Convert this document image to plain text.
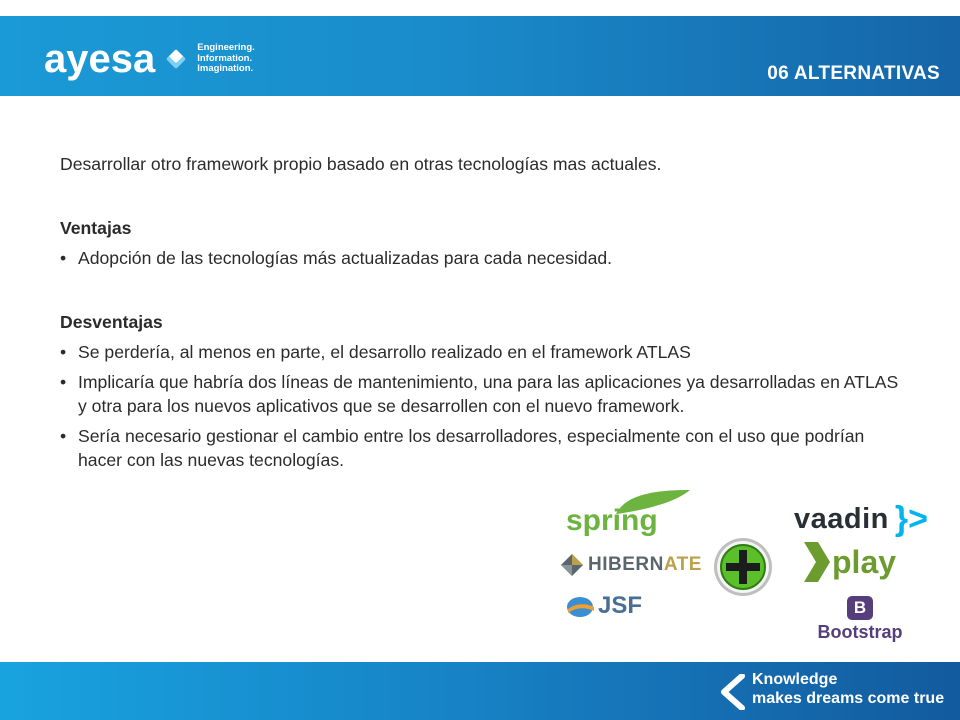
ayesa	Engineering.
Information.
Imagination.	06 ALTERNATIVAS

Desarrollar otro framework propio basado en otras tecnologías mas actuales.

Ventajas
• Adopción de las tecnologías más actualizadas para cada necesidad.
Desventajas
• Se perdería, al menos en parte, el desarrollo realizado en el framework ATLAS
• Implicaría que habría dos líneas de mantenimiento, una para las aplicaciones ya desarrolladas en ATLAS y otra para los nuevos aplicativos que se desarrollen con el nuevo framework.
• Sería necesario gestionar el cambio entre los desarrolladores, especialmente con el uso que podrían hacer con las nuevas tecnologías.
spring
HIBERNATE
JSF
vaadin }>
play
B
Bootstrap
Knowledge
makes dreams come true
